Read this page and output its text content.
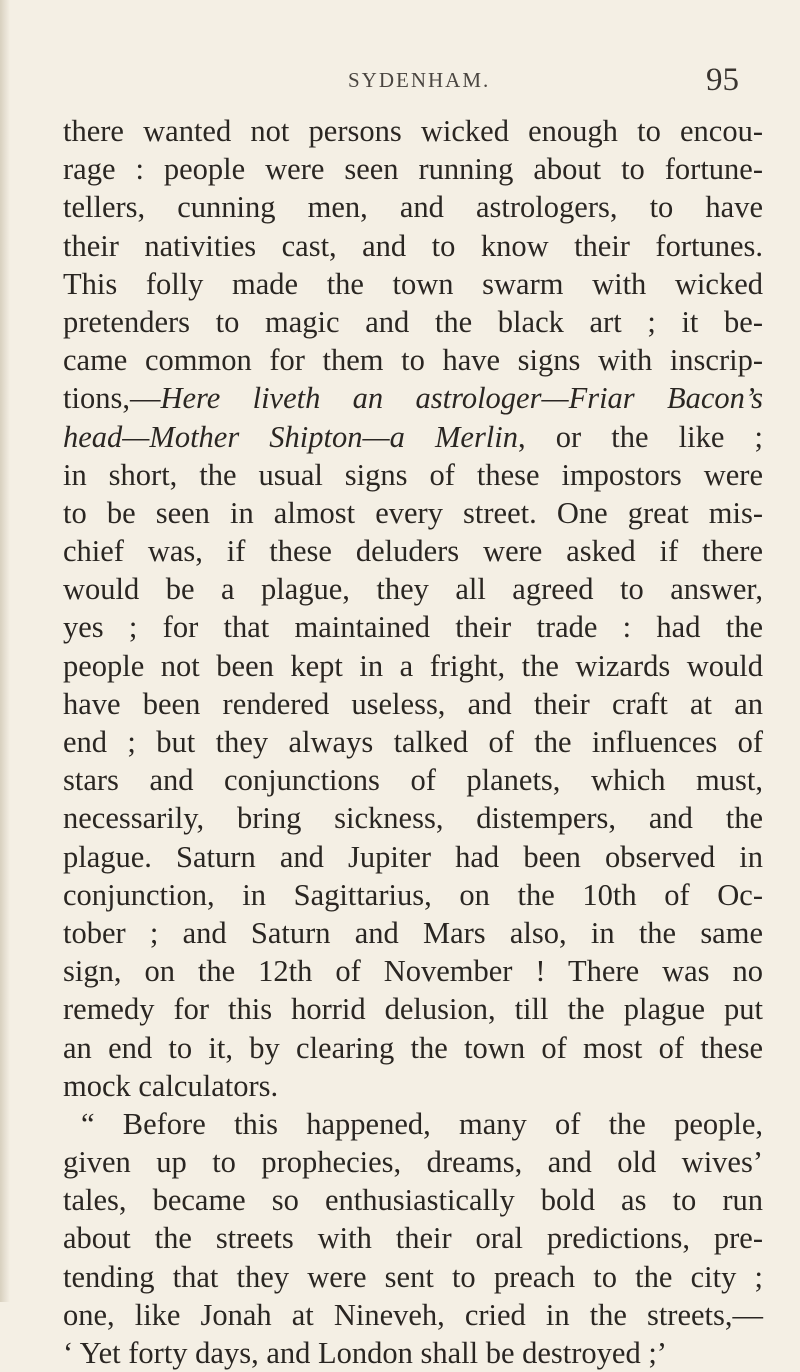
SYDENHAM.	95
there wanted not persons wicked enough to encou-
rage : people were seen running about to fortune-
tellers, cunning men, and astrologers, to have
their nativities cast, and to know their fortunes.
This folly made the town swarm with wicked
pretenders to magic and the black art ; it be-
came common for them to have signs with inscrip-
tions,—Here liveth an astrologer—Friar Bacon’s
head—Mother Shipton—a Merlin, or the like ;
in short, the usual signs of these impostors were
to be seen in almost every street. One great mis-
chief was, if these deluders were asked if there
would be a plague, they all agreed to answer,
yes ; for that maintained their trade : had the
people not been kept in a fright, the wizards would
have been rendered useless, and their craft at an
end ; but they always talked of the influences of
stars and conjunctions of planets, which must,
necessarily, bring sickness, distempers, and the
plague. Saturn and Jupiter had been observed in
conjunction, in Sagittarius, on the 10th of Oc-
tober ; and Saturn and Mars also, in the same
sign, on the 12th of November ! There was no
remedy for this horrid delusion, till the plague put
an end to it, by clearing the town of most of these
mock calculators.
“ Before this happened, many of the people,
given up to prophecies, dreams, and old wives’
tales, became so enthusiastically bold as to run
about the streets with their oral predictions, pre-
tending that they were sent to preach to the city ;
one, like Jonah at Nineveh, cried in the streets,—
‘ Yet forty days, and London shall be destroyed ;’
